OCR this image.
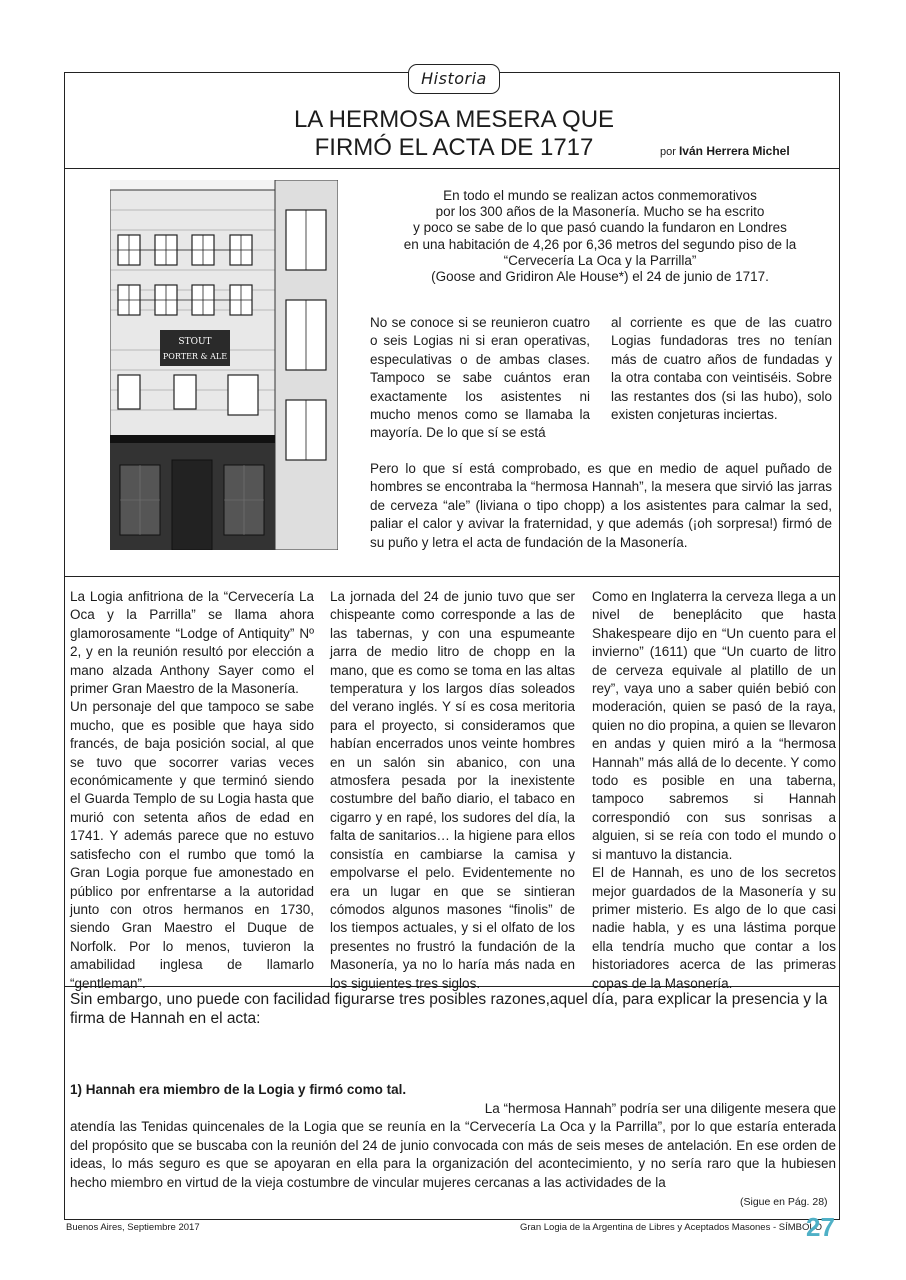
Historia
LA HERMOSA MESERA QUE
FIRMÓ EL ACTA DE 1717	por Iván Herrera Michel
STOUT
PORTER & ALE
En todo el mundo se realizan actos conmemorativos
por los 300 años de la Masonería. Mucho se ha escrito
y poco se sabe de lo que pasó cuando la fundaron en Londres
en una habitación de 4,26 por 6,36 metros del segundo piso de la
“Cervecería La Oca y la Parrilla”
(Goose and Gridiron Ale House*) el 24 de junio de 1717.
No se conoce si se reunieron cuatro o seis Logias ni si eran operativas, especulativas o de ambas clases. Tampoco se sabe cuántos eran exactamente los asistentes ni mucho menos como se llamaba la mayoría. De lo que sí se está
al corriente es que de las cuatro Logias fundadoras tres no tenían más de cuatro años de fundadas y la otra contaba con veintiséis. Sobre las restantes dos (si las hubo), solo existen conjeturas inciertas.
Pero lo que sí está comprobado, es que en medio de aquel puñado de hombres se encontraba la “hermosa Hannah”, la mesera que sirvió las jarras de cerveza “ale” (liviana o tipo chopp) a los asistentes para calmar la sed, paliar el calor y avivar la fraternidad, y que además (¡oh sorpresa!) firmó de su puño y letra el acta de fundación de la Masonería.

La Logia anfitriona de la “Cervecería La Oca y la Parrilla” se llama ahora glamorosamente “Lodge of Antiquity” Nº 2, y en la reunión resultó por elección a mano alzada Anthony Sayer como el primer Gran Maestro de la Masonería.

Un personaje del que tampoco se sabe mucho, que es posible que haya sido francés, de baja posición social, al que se tuvo que socorrer varias veces económicamente y que terminó siendo el Guarda Templo de su Logia hasta que murió con setenta años de edad en 1741. Y además parece que no estuvo satisfecho con el rumbo que tomó la Gran Logia porque fue amonestado en público por enfrentarse a la autoridad junto con otros hermanos en 1730, siendo Gran Maestro el Duque de Norfolk. Por lo menos, tuvieron la amabilidad inglesa de llamarlo “gentleman”.

La jornada del 24 de junio tuvo que ser chispeante como corresponde a las de las tabernas, y con una espumeante jarra de medio litro de chopp en la mano, que es como se toma en las altas temperatura y los largos días soleados del verano inglés. Y sí es cosa meritoria para el proyecto, si consideramos que habían encerrados unos veinte hombres en un salón sin abanico, con una atmosfera pesada por la inexistente costumbre del baño diario, el tabaco en cigarro y en rapé, los sudores del día, la falta de sanitarios… la higiene para ellos consistía en cambiarse la camisa y empolvarse el pelo. Evidentemente no era un lugar en que se sintieran cómodos algunos masones “finolis” de los tiempos actuales, y si el olfato de los presentes no frustró la fundación de la Masonería, ya no lo haría más nada en los siguientes tres siglos.

Como en Inglaterra la cerveza llega a un nivel de beneplácito que hasta Shakespeare dijo en “Un cuento para el invierno” (1611) que “Un cuarto de litro de cerveza equivale al platillo de un rey”, vaya uno a saber quién bebió con moderación, quien se pasó de la raya, quien no dio propina, a quien se llevaron en andas y quien miró a la “hermosa Hannah” más allá de lo decente. Y como todo es posible en una taberna, tampoco sabremos si Hannah correspondió con sus sonrisas a alguien, si se reía con todo el mundo o si mantuvo la distancia.

El de Hannah, es uno de los secretos mejor guardados de la Masonería y su primer misterio. Es algo de lo que casi nadie habla, y es una lástima porque ella tendría mucho que contar a los historiadores acerca de las primeras copas de la Masonería.

Sin embargo, uno puede con facilidad figurarse tres posibles razones,aquel día, para explicar la presencia y la firma de Hannah en el acta:
1) Hannah era miembro de la Logia y firmó como tal.
La “hermosa Hannah” podría ser una diligente mesera que
atendía las Tenidas quincenales de la Logia que se reunía en la “Cervecería La Oca y la Parrilla”, por lo que estaría enterada del propósito que se buscaba con la reunión del 24 de junio convocada con más de seis meses de antelación. En ese orden de ideas, lo más seguro es que se apoyaran en ella para la organización del acontecimiento, y no sería raro que la hubiesen hecho miembro en virtud de la vieja costumbre de vincular mujeres cercanas a las actividades de la
(Sigue en Pág. 28)
Buenos Aires, Septiembre 2017	Gran Logia de la Argentina de Libres y Aceptados Masones - SÍMBOLO
27
